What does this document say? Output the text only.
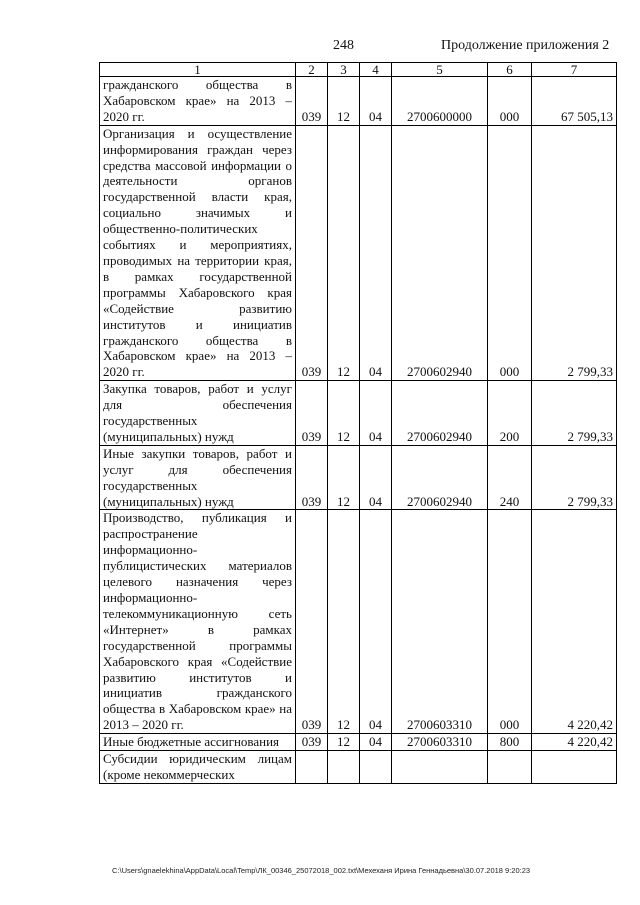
248	Продолжение приложения 2
1	2	3	4	5	6	7
гражданского общества в Хабаровском крае» на 2013 – 2020 гг.	039	12	04	2700600000	000	67 505,13
Организация и осуществление информирования граждан через средства массовой информации о деятельности органов государственной власти края, социально значимых и общественно-политических событиях и мероприятиях, проводимых на территории края, в рамках государственной программы Хабаровского края «Содействие развитию институтов и инициатив гражданского общества в Хабаровском крае» на 2013 – 2020 гг.	039	12	04	2700602940	000	2 799,33
Закупка товаров, работ и услуг для обеспечения государственных (муниципальных) нужд	039	12	04	2700602940	200	2 799,33
Иные закупки товаров, работ и услуг для обеспечения государственных (муниципальных) нужд	039	12	04	2700602940	240	2 799,33
Производство, публикация и распространение информационно-публицистических материалов целевого назначения через информационно-телекоммуникационную сеть «Интернет» в рамках государственной программы Хабаровского края «Содействие развитию институтов и инициатив гражданского общества в Хабаровском крае» на 2013 – 2020 гг.	039	12	04	2700603310	000	4 220,42
Иные бюджетные ассигнования	039	12	04	2700603310	800	4 220,42
Субсидии юридическим лицам (кроме некоммерческих						
C:\Users\gnaelekhina\AppData\Local\Temp\ЛК_00346_25072018_002.txt\Мехеханя Ирина Геннадьевна\30.07.2018 9:20:23
